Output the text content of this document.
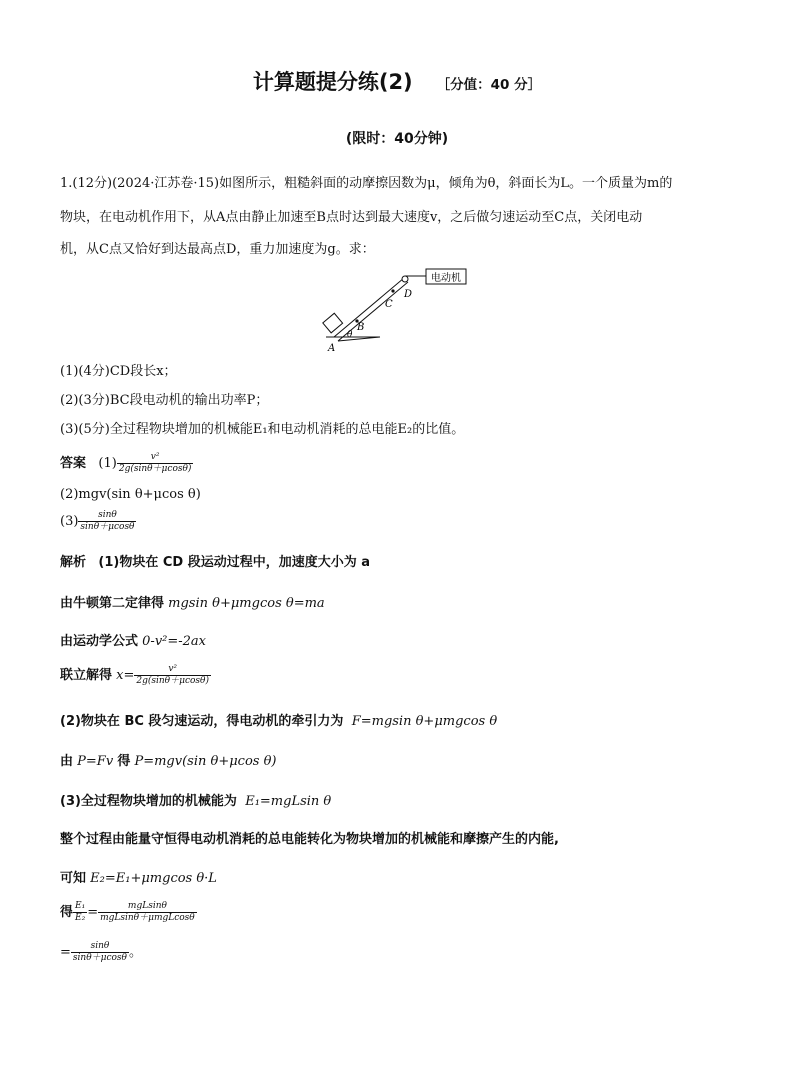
计算题提分练(2) ［分值：40 分］
(限时：40分钟)
1.(12分)(2024·江苏卷·15)如图所示，粗糙斜面的动摩擦因数为μ，倾角为θ，斜面长为L。一个质量为m的
物块，在电动机作用下，从A点由静止加速至B点时达到最大速度v，之后做匀速运动至C点，关闭电动
机，从C点又恰好到达最高点D，重力加速度为g。求：
电动机
A
B
C
D
θ
(1)(4分)CD段长x；
(2)(3分)BC段电动机的输出功率P；
(3)(5分)全过程物块增加的机械能E₁和电动机消耗的总电能E₂的比值。
答案 $(1) \frac{\text{v²}}{2g(\sin\theta+\mu\cos\theta)}$
(2)mgv(sin θ+μcos θ)
$(3) \frac{\sin\theta}{\sin\theta+\mu\cos\theta}$
解析 (1)物块在 CD 段运动过程中，加速度大小为 a
由牛顿第二定律得 mgsin θ+μmgcos θ=ma
由运动学公式 0-v²=-2ax
联立解得 $x= \frac{\text{v²}}{2g(\sin\theta+\mu\cos\theta)}$
(2)物块在 BC 段匀速运动，得电动机的牵引力为 F=mgsin θ+μmgcos θ
由 P=Fv 得 P=mgv(sin θ+μcos θ)
(3)全过程物块增加的机械能为 E₁=mgLsin θ
整个过程由能量守恒得电动机消耗的总电能转化为物块增加的机械能和摩擦产生的内能,
可知 E₂=E₁+μmgcos θ·L
得 $\frac{\text{E₁}}{\text{E₂}} = \frac{\text{mgLsinθ}}{\text{mgLsinθ＋μmgLcosθ}}$
= $\frac{\sin\theta}{\sin\theta+\mu\cos\theta}$ 。
